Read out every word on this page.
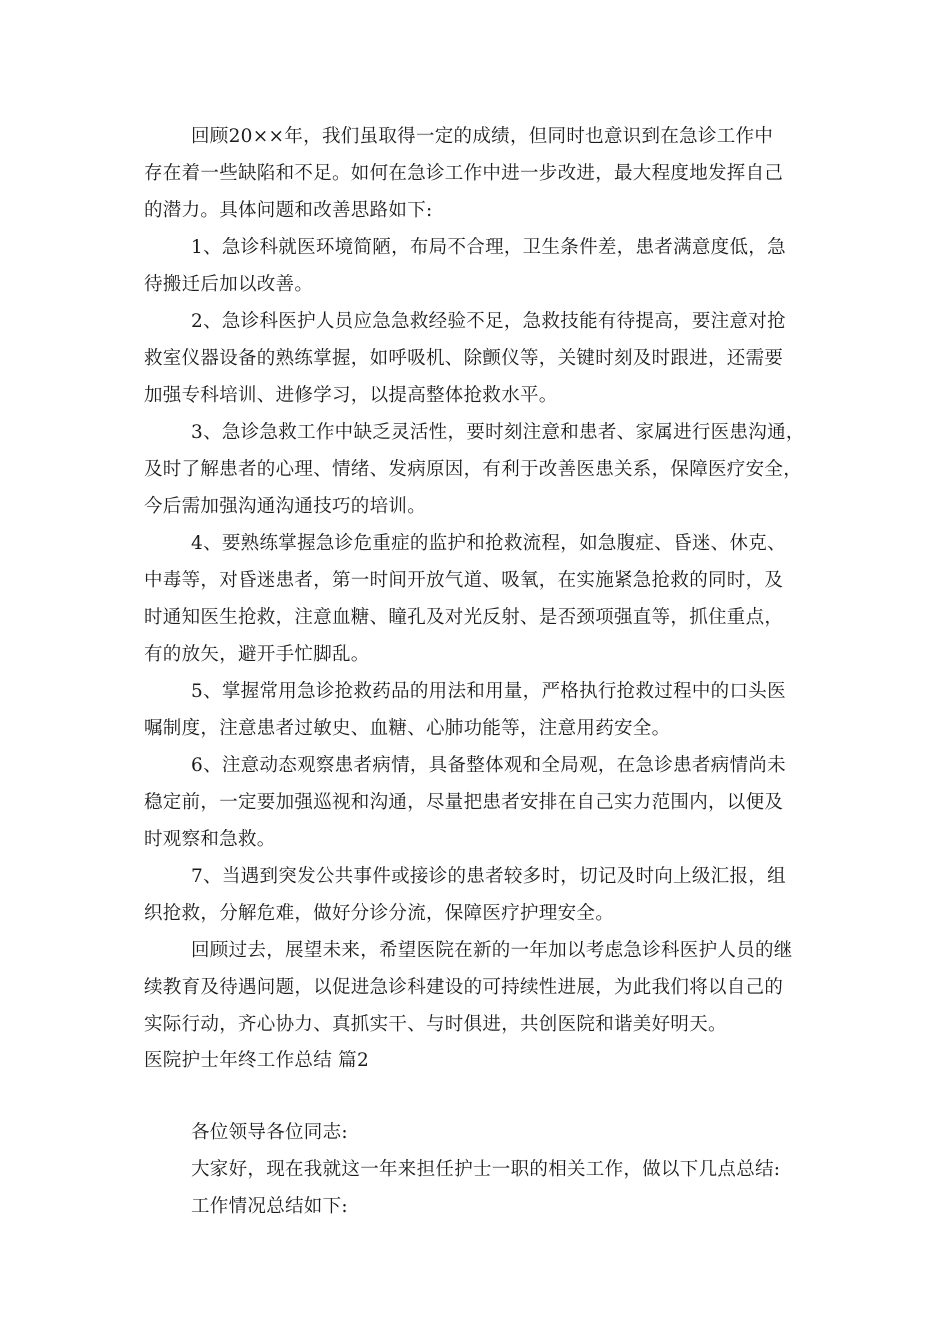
回顾20××年，我们虽取得一定的成绩，但同时也意识到在急诊工作中
存在着一些缺陷和不足。如何在急诊工作中进一步改进，最大程度地发挥自己
的潜力。具体问题和改善思路如下:
1、急诊科就医环境简陋，布局不合理，卫生条件差，患者满意度低，急
待搬迁后加以改善。
2、急诊科医护人员应急急救经验不足，急救技能有待提高，要注意对抢
救室仪器设备的熟练掌握，如呼吸机、除颤仪等，关键时刻及时跟进，还需要
加强专科培训、进修学习，以提高整体抢救水平。
3、急诊急救工作中缺乏灵活性，要时刻注意和患者、家属进行医患沟通，
及时了解患者的心理、情绪、发病原因，有利于改善医患关系，保障医疗安全，
今后需加强沟通沟通技巧的培训。
4、要熟练掌握急诊危重症的监护和抢救流程，如急腹症、昏迷、休克、
中毒等，对昏迷患者，第一时间开放气道、吸氧，在实施紧急抢救的同时，及
时通知医生抢救，注意血糖、瞳孔及对光反射、是否颈项强直等，抓住重点，
有的放矢，避开手忙脚乱。
5、掌握常用急诊抢救药品的用法和用量，严格执行抢救过程中的口头医
嘱制度，注意患者过敏史、血糖、心肺功能等，注意用药安全。
6、注意动态观察患者病情，具备整体观和全局观，在急诊患者病情尚未
稳定前，一定要加强巡视和沟通，尽量把患者安排在自己实力范围内，以便及
时观察和急救。
7、当遇到突发公共事件或接诊的患者较多时，切记及时向上级汇报，组
织抢救，分解危难，做好分诊分流，保障医疗护理安全。
回顾过去，展望未来，希望医院在新的一年加以考虑急诊科医护人员的继
续教育及待遇问题，以促进急诊科建设的可持续性进展，为此我们将以自己的
实际行动，齐心协力、真抓实干、与时俱进，共创医院和谐美好明天。
医院护士年终工作总结 篇2
各位领导各位同志:
大家好，现在我就这一年来担任护士一职的相关工作，做以下几点总结:
工作情况总结如下:
